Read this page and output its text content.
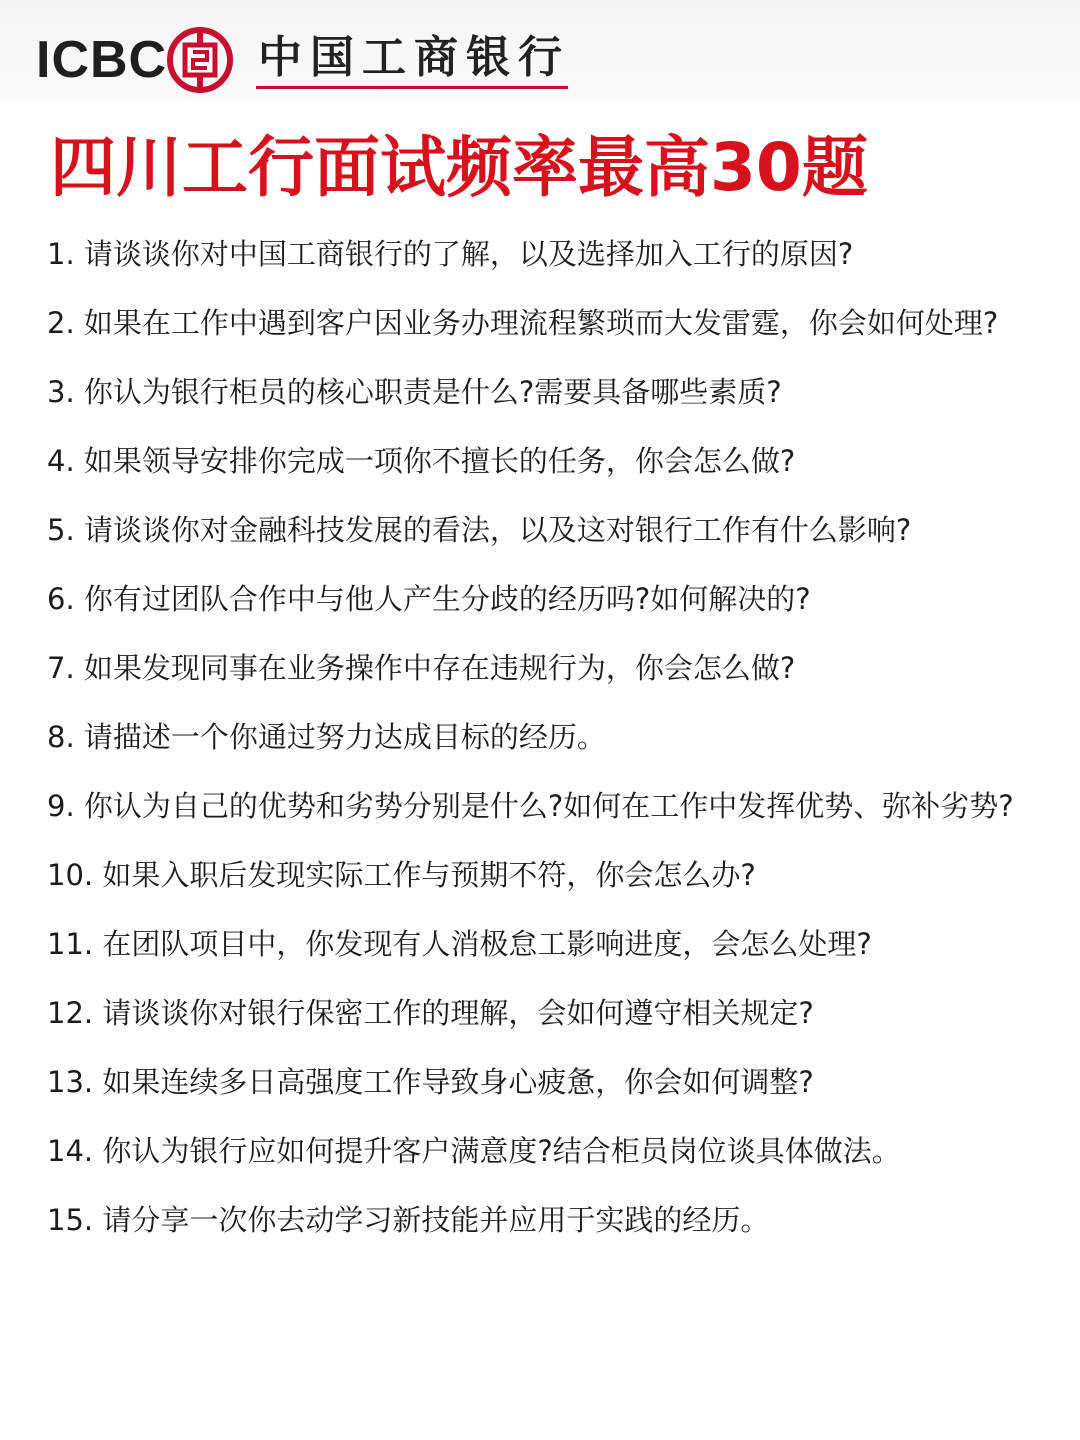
ICBC 中国工商银行
四川工行面试频率最高30题
1. 请谈谈你对中国工商银行的了解，以及选择加入工行的原因?
2. 如果在工作中遇到客户因业务办理流程繁琐而大发雷霆，你会如何处理?
3. 你认为银行柜员的核心职责是什么?需要具备哪些素质?
4. 如果领导安排你完成一项你不擅长的任务，你会怎么做?
5. 请谈谈你对金融科技发展的看法，以及这对银行工作有什么影响?
6. 你有过团队合作中与他人产生分歧的经历吗?如何解决的?
7. 如果发现同事在业务操作中存在违规行为，你会怎么做?
8. 请描述一个你通过努力达成目标的经历。
9. 你认为自己的优势和劣势分别是什么?如何在工作中发挥优势、弥补劣势?
10. 如果入职后发现实际工作与预期不符，你会怎么办?
11. 在团队项目中，你发现有人消极怠工影响进度，会怎么处理?
12. 请谈谈你对银行保密工作的理解，会如何遵守相关规定?
13. 如果连续多日高强度工作导致身心疲惫，你会如何调整?
14. 你认为银行应如何提升客户满意度?结合柜员岗位谈具体做法。
15. 请分享一次你去动学习新技能并应用于实践的经历。
